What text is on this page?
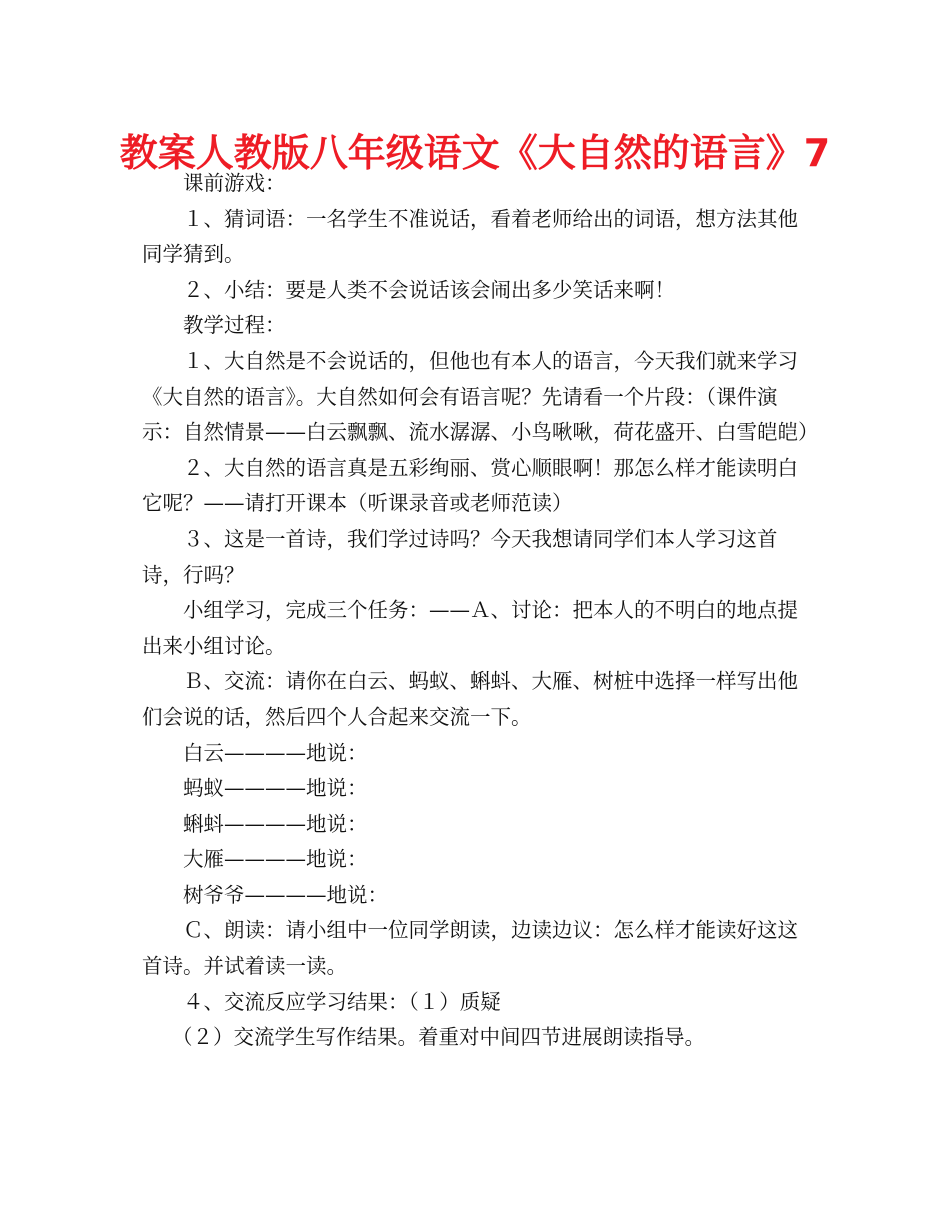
教案人教版八年级语文《大自然的语言》7

课前游戏：

１、猜词语：一名学生不准说话，看着老师给出的词语，想方法其他同学猜到。

２、小结：要是人类不会说话该会闹出多少笑话来啊！

教学过程：

１、大自然是不会说话的，但他也有本人的语言，今天我们就来学习《大自然的语言》。大自然如何会有语言呢？先请看一个片段：（课件演示：自然情景——白云飘飘、流水潺潺、小鸟啾啾，荷花盛开、白雪皑皑）

２、大自然的语言真是五彩绚丽、赏心顺眼啊！那怎么样才能读明白它呢？——请打开课本（听课录音或老师范读）

３、这是一首诗，我们学过诗吗？今天我想请同学们本人学习这首诗，行吗？

小组学习，完成三个任务：——Ａ、讨论：把本人的不明白的地点提出来小组讨论。

Ｂ、交流：请你在白云、蚂蚁、蝌蚪、大雁、树桩中选择一样写出他们会说的话，然后四个人合起来交流一下。

白云————地说：

蚂蚁————地说：

蝌蚪————地说：

大雁————地说：

树爷爷————地说：

Ｃ、朗读：请小组中一位同学朗读，边读边议：怎么样才能读好这这首诗。并试着读一读。

４、交流反应学习结果：（１）质疑

（２）交流学生写作结果。着重对中间四节进展朗读指导。
